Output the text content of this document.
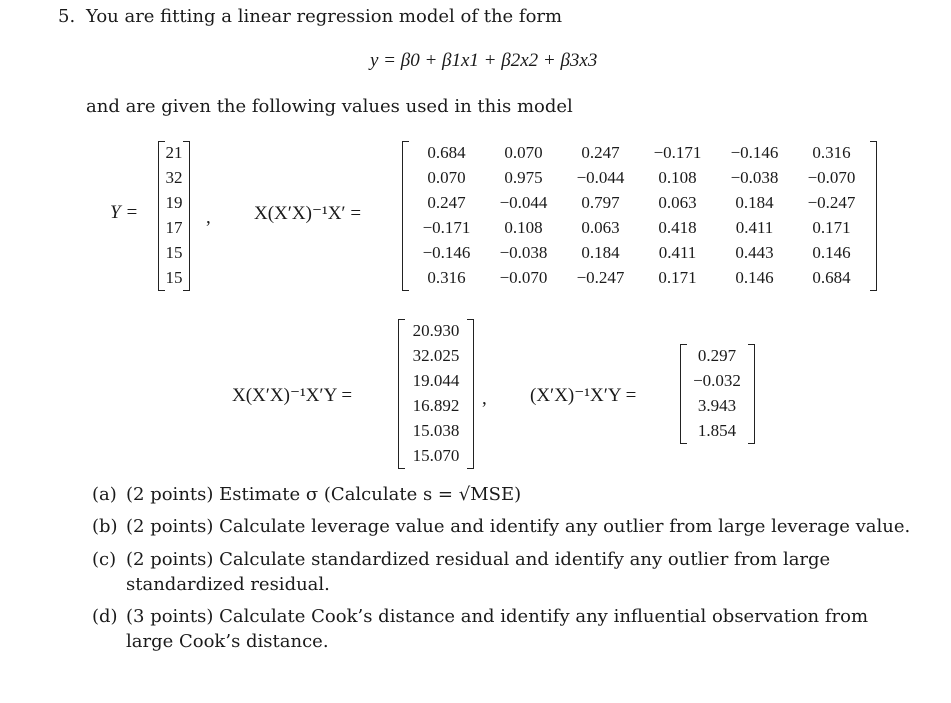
5. You are fitting a linear regression model of the form
y = β0 + β1x1 + β2x2 + β3x3
and are given the following values used in this model
Y =
21
32
19
17
15
15
, X(X′X)⁻¹X′ =
0.684	0.070	0.247	−0.171	−0.146	0.316
0.070	0.975	−0.044	0.108	−0.038	−0.070
0.247	−0.044	0.797	0.063	0.184	−0.247
−0.171	0.108	0.063	0.418	0.411	0.171
−0.146	−0.038	0.184	0.411	0.443	0.146
0.316	−0.070	−0.247	0.171	0.146	0.684
X(X′X)⁻¹X′Y =
20.930
32.025
19.044
16.892
15.038
15.070
, (X′X)⁻¹X′Y =
0.297
−0.032
3.943
1.854
(a) (2 points) Estimate σ (Calculate s = √MSE)
(b) (2 points) Calculate leverage value and identify any outlier from large leverage value.
(c) (2 points) Calculate standardized residual and identify any outlier from large standardized residual.
(d) (3 points) Calculate Cook’s distance and identify any influential observation from large Cook’s distance.
